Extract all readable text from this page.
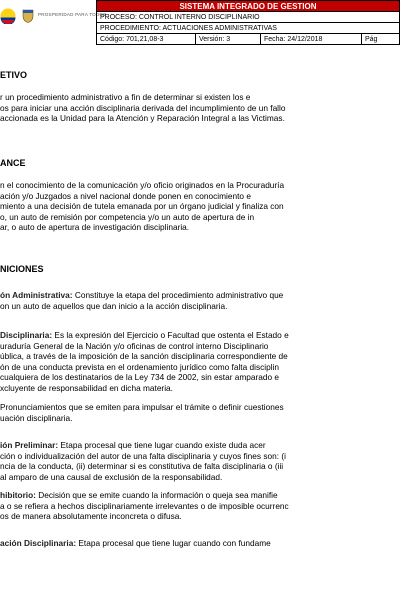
PROSPERIDAD PARA TODOS
SISTEMA INTEGRADO DE GESTION
PROCESO: CONTROL INTERNO DISCIPLINARIO
PROCEDIMIENTO: ACTUACIONES ADMINISTRATIVAS
Código: 701,21,08-3	Versión: 3	Fecha: 24/12/2018	Pág
ETIVO
r un procedimiento administrativo a fin de determinar si existen los e
os para iniciar una acción disciplinaria derivada del incumplimiento de un fallo
accionada es la Unidad para la Atención y Reparación Integral a las Victimas.
ANCE
n el conocimiento de la comunicación y/o oficio originados en la Procuraduría
ación y/o Juzgados a nivel nacional donde ponen en conocimiento e
miento a una decisión de tutela emanada por un órgano judicial y finaliza con
o, un auto de remisión por competencia y/o un auto de apertura de in
ar, o auto de apertura de investigación disciplinaria.
NICIONES
ón Administrativa: Constituye la etapa del procedimiento administrativo que
on un auto de aquellos que dan inicio a la acción disciplinaria.
Disciplinaria: Es la expresión del Ejercicio o Facultad que ostenta el Estado e
uraduría General de la Nación y/o oficinas de control interno Disciplinario
ública, a través de la imposición de la sanción disciplinaria correspondiente de
ón de una conducta prevista en el ordenamiento jurídico como falta disciplin
cualquiera de los destinatarios de la Ley 734 de 2002, sin estar amparado e
xcluyente de responsabilidad en dicha materia.
Pronunciamientos que se emiten para impulsar el trámite o definir cuestiones
uación disciplinaria.
ión Preliminar: Etapa procesal que tiene lugar cuando existe duda acer
ción o individualización del autor de una falta disciplinaria y cuyos fines son: (i
ncia de la conducta, (ii) determinar si es constitutiva de falta disciplinaria o (iii
al amparo de una causal de exclusión de la responsabilidad.
hibitorio: Decisión que se emite cuando la información o queja sea manifie
a o se refiera a hechos disciplinariamente irrelevantes o de imposible ocurrenc
os de manera absolutamente inconcreta o difusa.
ación Disciplinaria: Etapa procesal que tiene lugar cuando con fundame
